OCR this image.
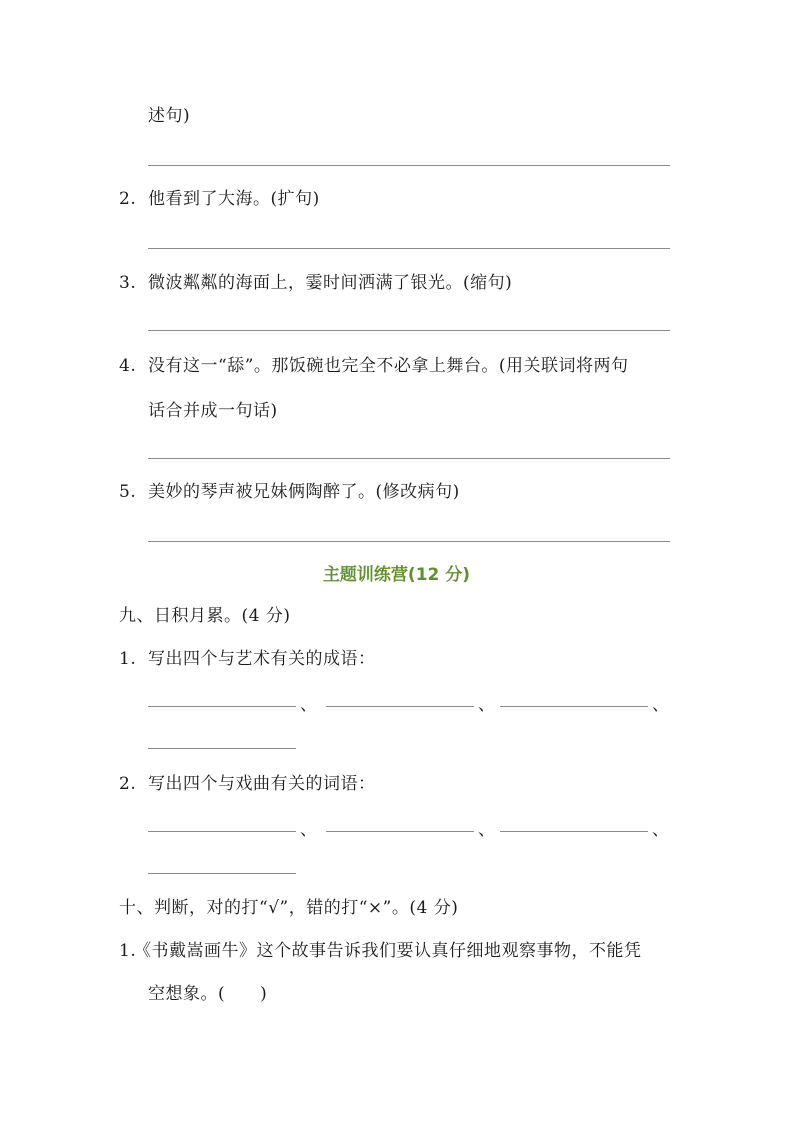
述句)
2. 他看到了大海。(扩句)
3. 微波粼粼的海面上，霎时间洒满了银光。(缩句)
4. 没有这一“舔”。那饭碗也完全不必拿上舞台。(用关联词将两句
话合并成一句话)
5. 美妙的琴声被兄妹俩陶醉了。(修改病句)
主题训练营(12 分)
九、日积月累。(4 分)
1. 写出四个与艺术有关的成语：
、	、	、
2. 写出四个与戏曲有关的词语：
、	、	、
十、判断，对的打“√”，错的打“×”。(4 分)
1.
《书戴嵩画牛》这个故事告诉我们要认真仔细地观察事物，不能凭
空想象。(　　)
